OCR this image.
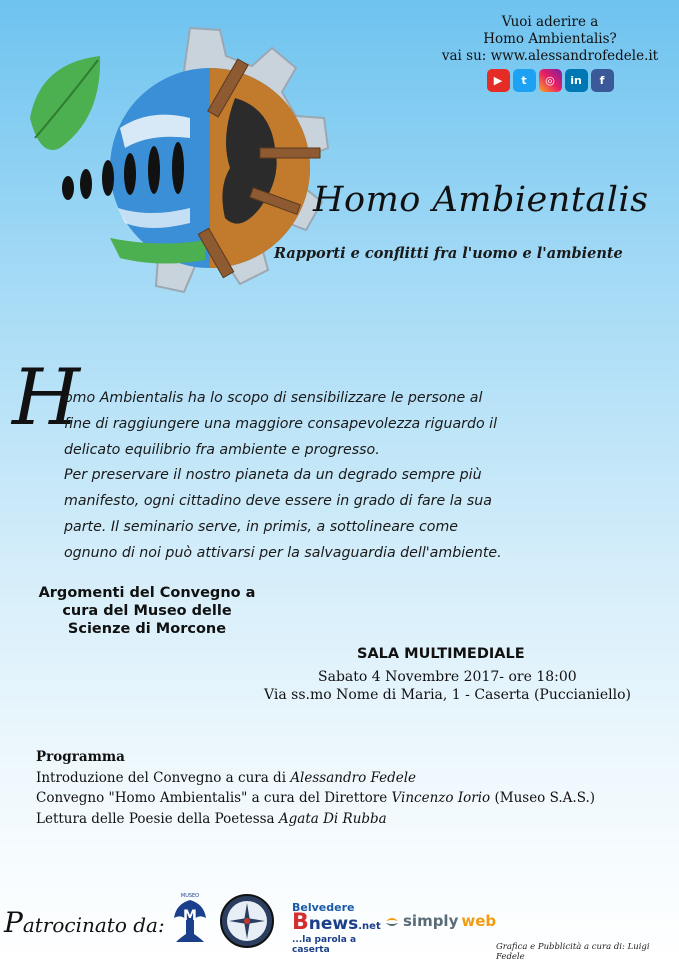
Vuoi aderire a
Homo Ambientalis?
vai su: www.alessandrofedele.it
▶	t	◎	in	f
Homo Ambientalis
Rapporti e conflitti fra l'uomo e l'ambiente
H

omo Ambientalis ha lo scopo di sensibilizzare le persone al

fine di raggiungere una maggiore consapevolezza riguardo il

delicato equilibrio fra ambiente e progresso.

Per preservare il nostro pianeta da un degrado sempre più

manifesto, ogni cittadino deve essere in grado di fare la sua

parte. Il seminario serve, in primis, a sottolineare come

ognuno di noi può attivarsi per la salvaguardia dell'ambiente.

Argomenti del Convegno a
cura del Museo delle
Scienze di Morcone
SALA MULTIMEDIALE
Sabato 4 Novembre 2017- ore 18:00
Via ss.mo Nome di Maria, 1 - Caserta (Puccianiello)
Programma
Introduzione del Convegno a cura di Alessandro Fedele
Convegno "Homo Ambientalis" a cura del Direttore Vincenzo Iorio (Museo S.A.S.)
Lettura delle Poesie della Poetessa Agata Di Rubba
Patrocinato da:
MUSEO
M
Belvedere
Bnews.net
...la parola a caserta
simply web
Grafica e Pubblicità a cura di: Luigi Fedele
